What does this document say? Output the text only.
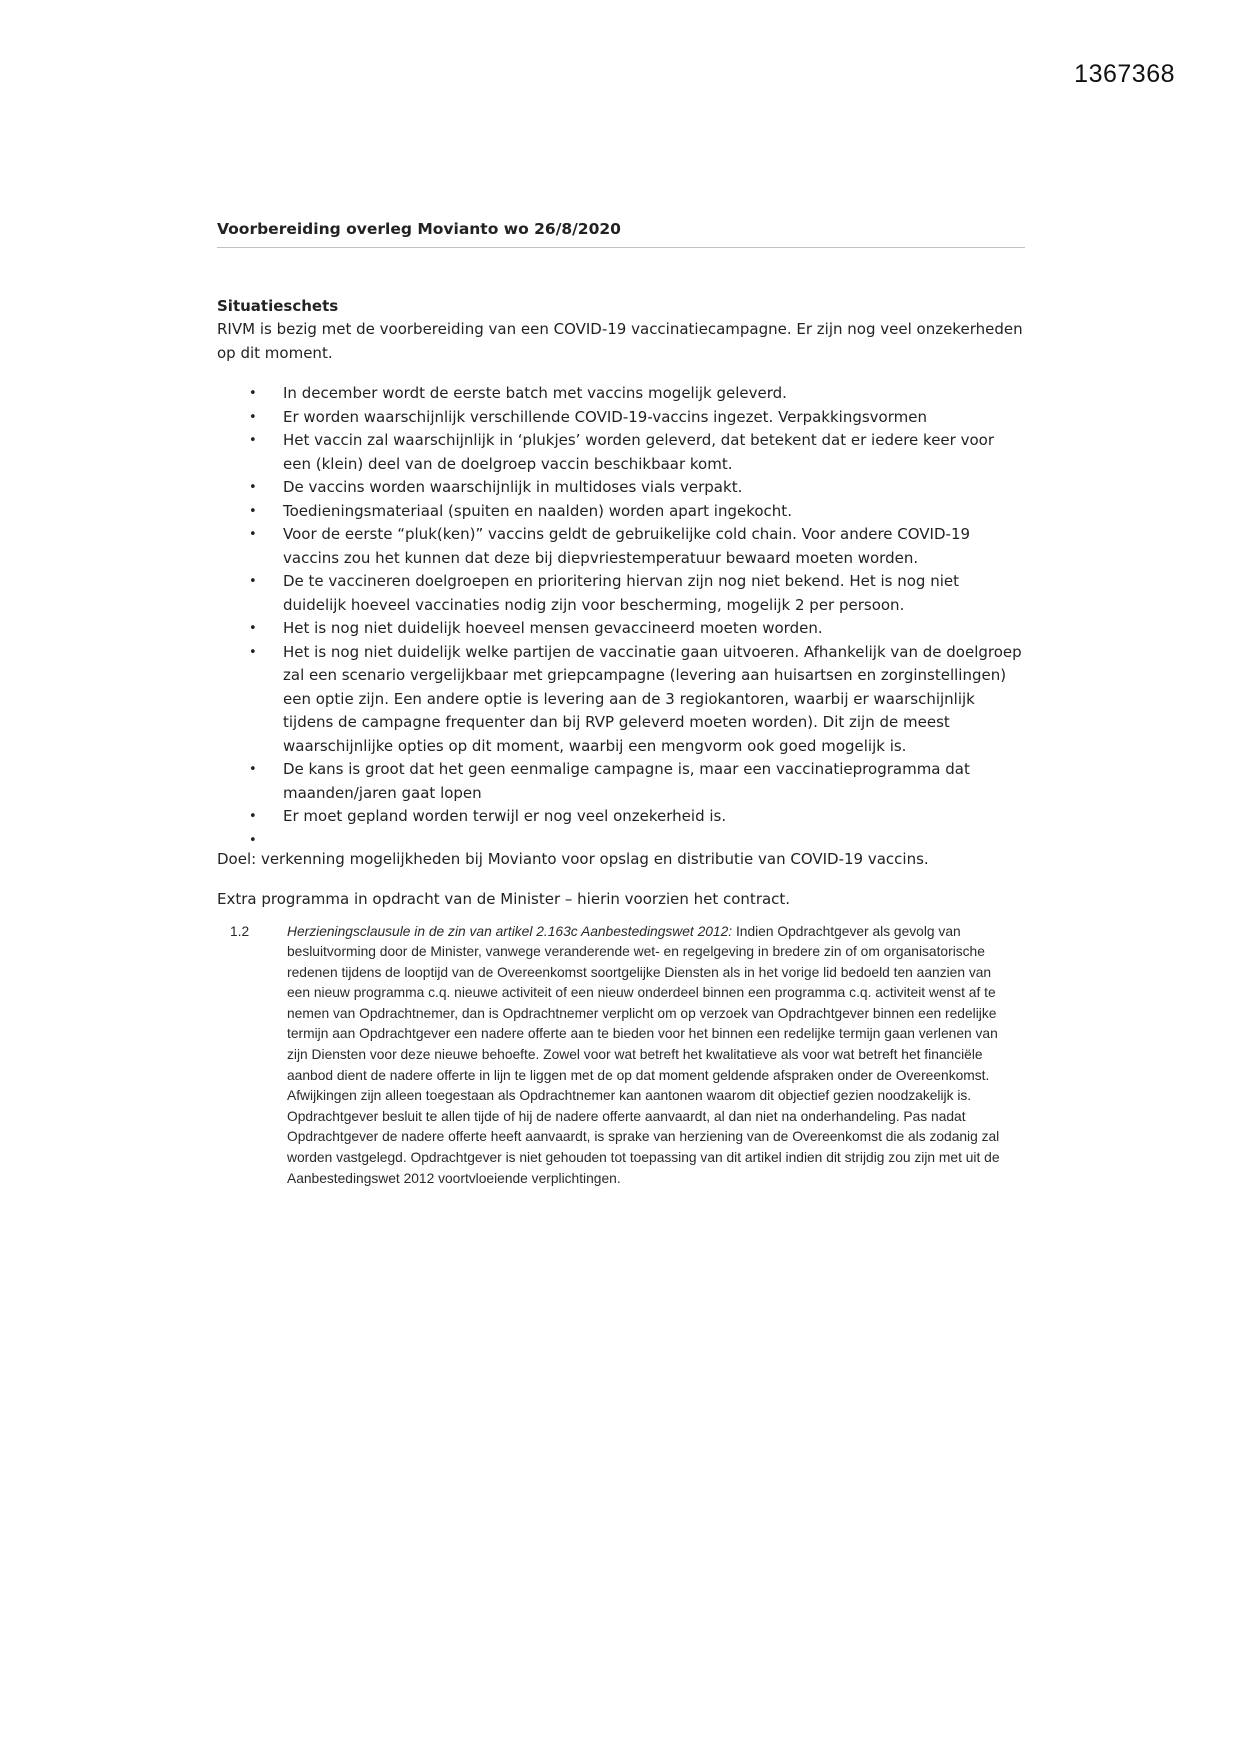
1367368
Voorbereiding overleg Movianto wo 26/8/2020
Situatieschets

RIVM is bezig met de voorbereiding van een COVID-19 vaccinatiecampagne. Er zijn nog veel onzekerheden op dit moment.

• In december wordt de eerste batch met vaccins mogelijk geleverd.
• Er worden waarschijnlijk verschillende COVID-19-vaccins ingezet. Verpakkingsvormen
• Het vaccin zal waarschijnlijk in ‘plukjes’ worden geleverd, dat betekent dat er iedere keer voor een (klein) deel van de doelgroep vaccin beschikbaar komt.
• De vaccins worden waarschijnlijk in multidoses vials verpakt.
• Toedieningsmateriaal (spuiten en naalden) worden apart ingekocht.
• Voor de eerste “pluk(ken)” vaccins geldt de gebruikelijke cold chain. Voor andere COVID-19 vaccins zou het kunnen dat deze bij diepvriestemperatuur bewaard moeten worden.
• De te vaccineren doelgroepen en prioritering hiervan zijn nog niet bekend. Het is nog niet duidelijk hoeveel vaccinaties nodig zijn voor bescherming, mogelijk 2 per persoon.
• Het is nog niet duidelijk hoeveel mensen gevaccineerd moeten worden.
• Het is nog niet duidelijk welke partijen de vaccinatie gaan uitvoeren. Afhankelijk van de doelgroep zal een scenario vergelijkbaar met griepcampagne (levering aan huisartsen en zorginstellingen) een optie zijn. Een andere optie is levering aan de 3 regiokantoren, waarbij er waarschijnlijk tijdens de campagne frequenter dan bij RVP geleverd moeten worden). Dit zijn de meest waarschijnlijke opties op dit moment, waarbij een mengvorm ook goed mogelijk is.
• De kans is groot dat het geen eenmalige campagne is, maar een vaccinatieprogramma dat maanden/jaren gaat lopen
• Er moet gepland worden terwijl er nog veel onzekerheid is.
•

Doel: verkenning mogelijkheden bij Movianto voor opslag en distributie van COVID-19 vaccins.

Extra programma in opdracht van de Minister – hierin voorzien het contract.

1.2	Herzieningsclausule in de zin van artikel 2.163c Aanbestedingswet 2012: Indien Opdrachtgever als gevolg van besluitvorming door de Minister, vanwege veranderende wet- en regelgeving in bredere zin of om organisatorische redenen tijdens de looptijd van de Overeenkomst soortgelijke Diensten als in het vorige lid bedoeld ten aanzien van een nieuw programma c.q. nieuwe activiteit of een nieuw onderdeel binnen een programma c.q. activiteit wenst af te nemen van Opdrachtnemer, dan is Opdrachtnemer verplicht om op verzoek van Opdrachtgever binnen een redelijke termijn aan Opdrachtgever een nadere offerte aan te bieden voor het binnen een redelijke termijn gaan verlenen van zijn Diensten voor deze nieuwe behoefte. Zowel voor wat betreft het kwalitatieve als voor wat betreft het financiële aanbod dient de nadere offerte in lijn te liggen met de op dat moment geldende afspraken onder de Overeenkomst. Afwijkingen zijn alleen toegestaan als Opdrachtnemer kan aantonen waarom dit objectief gezien noodzakelijk is. Opdrachtgever besluit te allen tijde of hij de nadere offerte aanvaardt, al dan niet na onderhandeling. Pas nadat Opdrachtgever de nadere offerte heeft aanvaardt, is sprake van herziening van de Overeenkomst die als zodanig zal worden vastgelegd. Opdrachtgever is niet gehouden tot toepassing van dit artikel indien dit strijdig zou zijn met uit de Aanbestedingswet 2012 voortvloeiende verplichtingen.
